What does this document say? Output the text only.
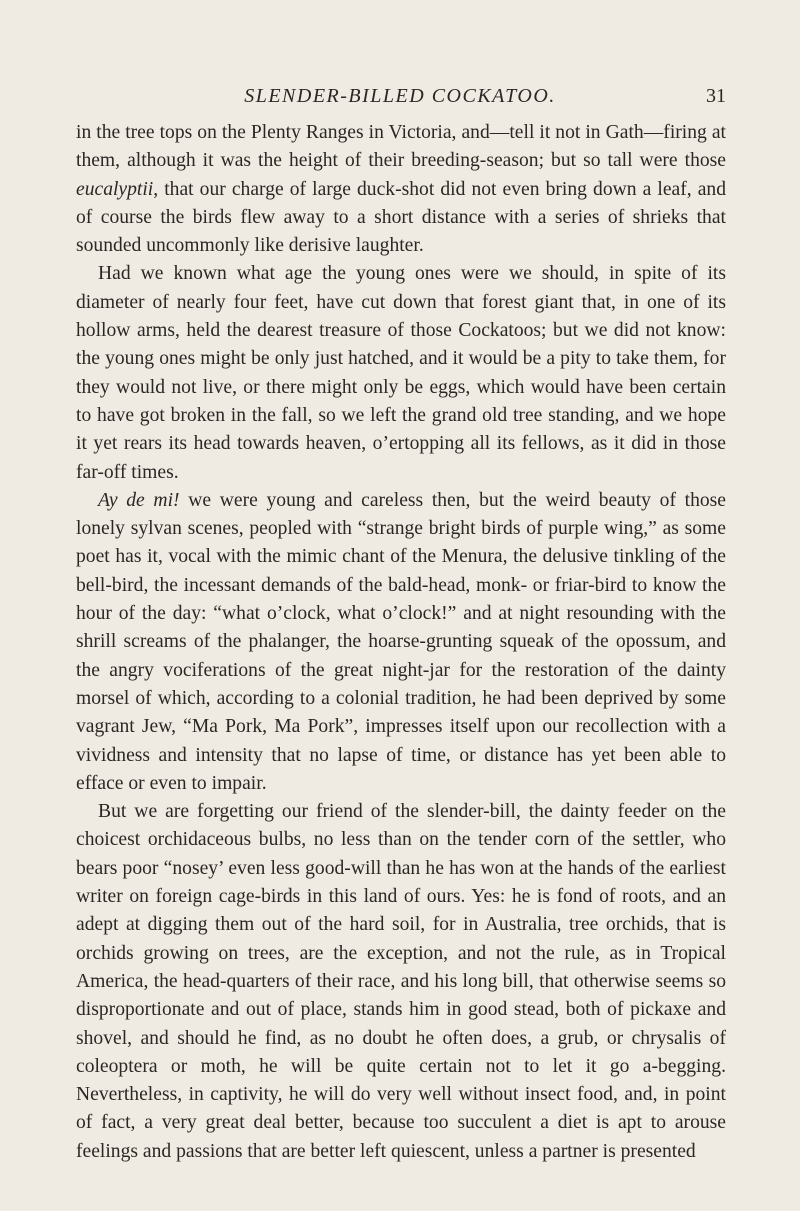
SLENDER-BILLED COCKATOO.	31

in the tree tops on the Plenty Ranges in Victoria, and—tell it not in Gath—firing at them, although it was the height of their breeding-season; but so tall were those eucalyptii, that our charge of large duck-shot did not even bring down a leaf, and of course the birds flew away to a short distance with a series of shrieks that sounded uncommonly like derisive laughter.

Had we known what age the young ones were we should, in spite of its diameter of nearly four feet, have cut down that forest giant that, in one of its hollow arms, held the dearest treasure of those Cockatoos; but we did not know: the young ones might be only just hatched, and it would be a pity to take them, for they would not live, or there might only be eggs, which would have been certain to have got broken in the fall, so we left the grand old tree standing, and we hope it yet rears its head towards heaven, o’ertopping all its fellows, as it did in those far-off times.

Ay de mi! we were young and careless then, but the weird beauty of those lonely sylvan scenes, peopled with “strange bright birds of purple wing,” as some poet has it, vocal with the mimic chant of the Menura, the delusive tinkling of the bell-bird, the incessant demands of the bald-head, monk- or friar-bird to know the hour of the day: “what o’clock, what o’clock!” and at night resounding with the shrill screams of the phalanger, the hoarse-grunting squeak of the opossum, and the angry vociferations of the great night-jar for the restoration of the dainty morsel of which, according to a colonial tradition, he had been deprived by some vagrant Jew, “Ma Pork, Ma Pork”, impresses itself upon our recollection with a vividness and intensity that no lapse of time, or distance has yet been able to efface or even to impair.

But we are forgetting our friend of the slender-bill, the dainty feeder on the choicest orchidaceous bulbs, no less than on the tender corn of the settler, who bears poor “nosey’ even less good-will than he has won at the hands of the earliest writer on foreign cage-birds in this land of ours. Yes: he is fond of roots, and an adept at digging them out of the hard soil, for in Australia, tree orchids, that is orchids growing on trees, are the exception, and not the rule, as in Tropical America, the head-quarters of their race, and his long bill, that otherwise seems so disproportionate and out of place, stands him in good stead, both of pickaxe and shovel, and should he find, as no doubt he often does, a grub, or chrysalis of coleoptera or moth, he will be quite certain not to let it go a-begging. Nevertheless, in captivity, he will do very well without insect food, and, in point of fact, a very great deal better, because too succulent a diet is apt to arouse feelings and passions that are better left quiescent, unless a partner is presented
